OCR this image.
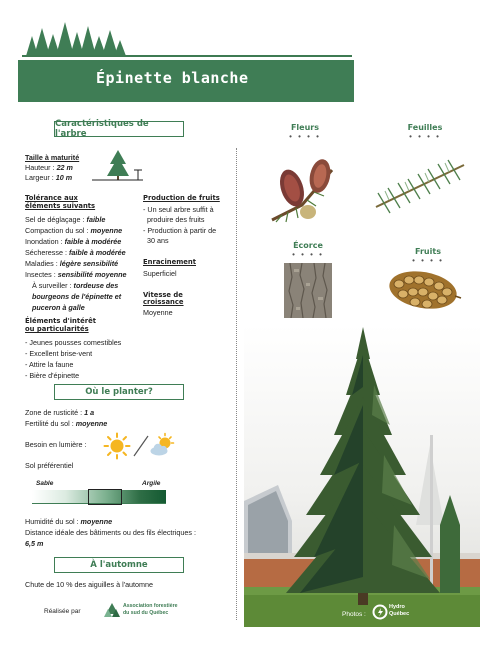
Épinette blanche
Caractéristiques de l'arbre
Taille à maturité
Hauteur : 22 m
Largeur : 10 m
Tolérance aux
éléments suivants
Sel de déglaçage : faible
Compaction du sol : moyenne
Inondation : faible à modérée
Sécheresse : faible à modérée
Maladies : légère sensibilité
Insectes : sensibilité moyenne
À surveiller : tordeuse des
bourgeons de l'épinette et
puceron à galle
Production de fruits
- Un seul arbre suffit à
produire des fruits
- Production à partir de
30 ans
Enracinement
Superficiel
Vitesse de
croissance
Moyenne
Éléments d'intérêt
ou particularités
- Jeunes pousses comestibles
- Excellent brise-vent
- Attire la faune
- Bière d'épinette
Où le planter?
Zone de rusticité : 1 a
Fertilité du sol : moyenne
Besoin en lumière :
Sol préférentiel
Sable	Argile
Humidité du sol : moyenne
Distance idéale des bâtiments ou des fils électriques :
6,5 m
À l'automne
Chute de 10 % des aiguilles à l'automne
Réalisée par
Association forestière
du sud du Québec
Fleurs
• • • •
Feuilles
• • • •
Écorce
• • • •	Fruits
• • • •
Photos :
Hydro
Québec
